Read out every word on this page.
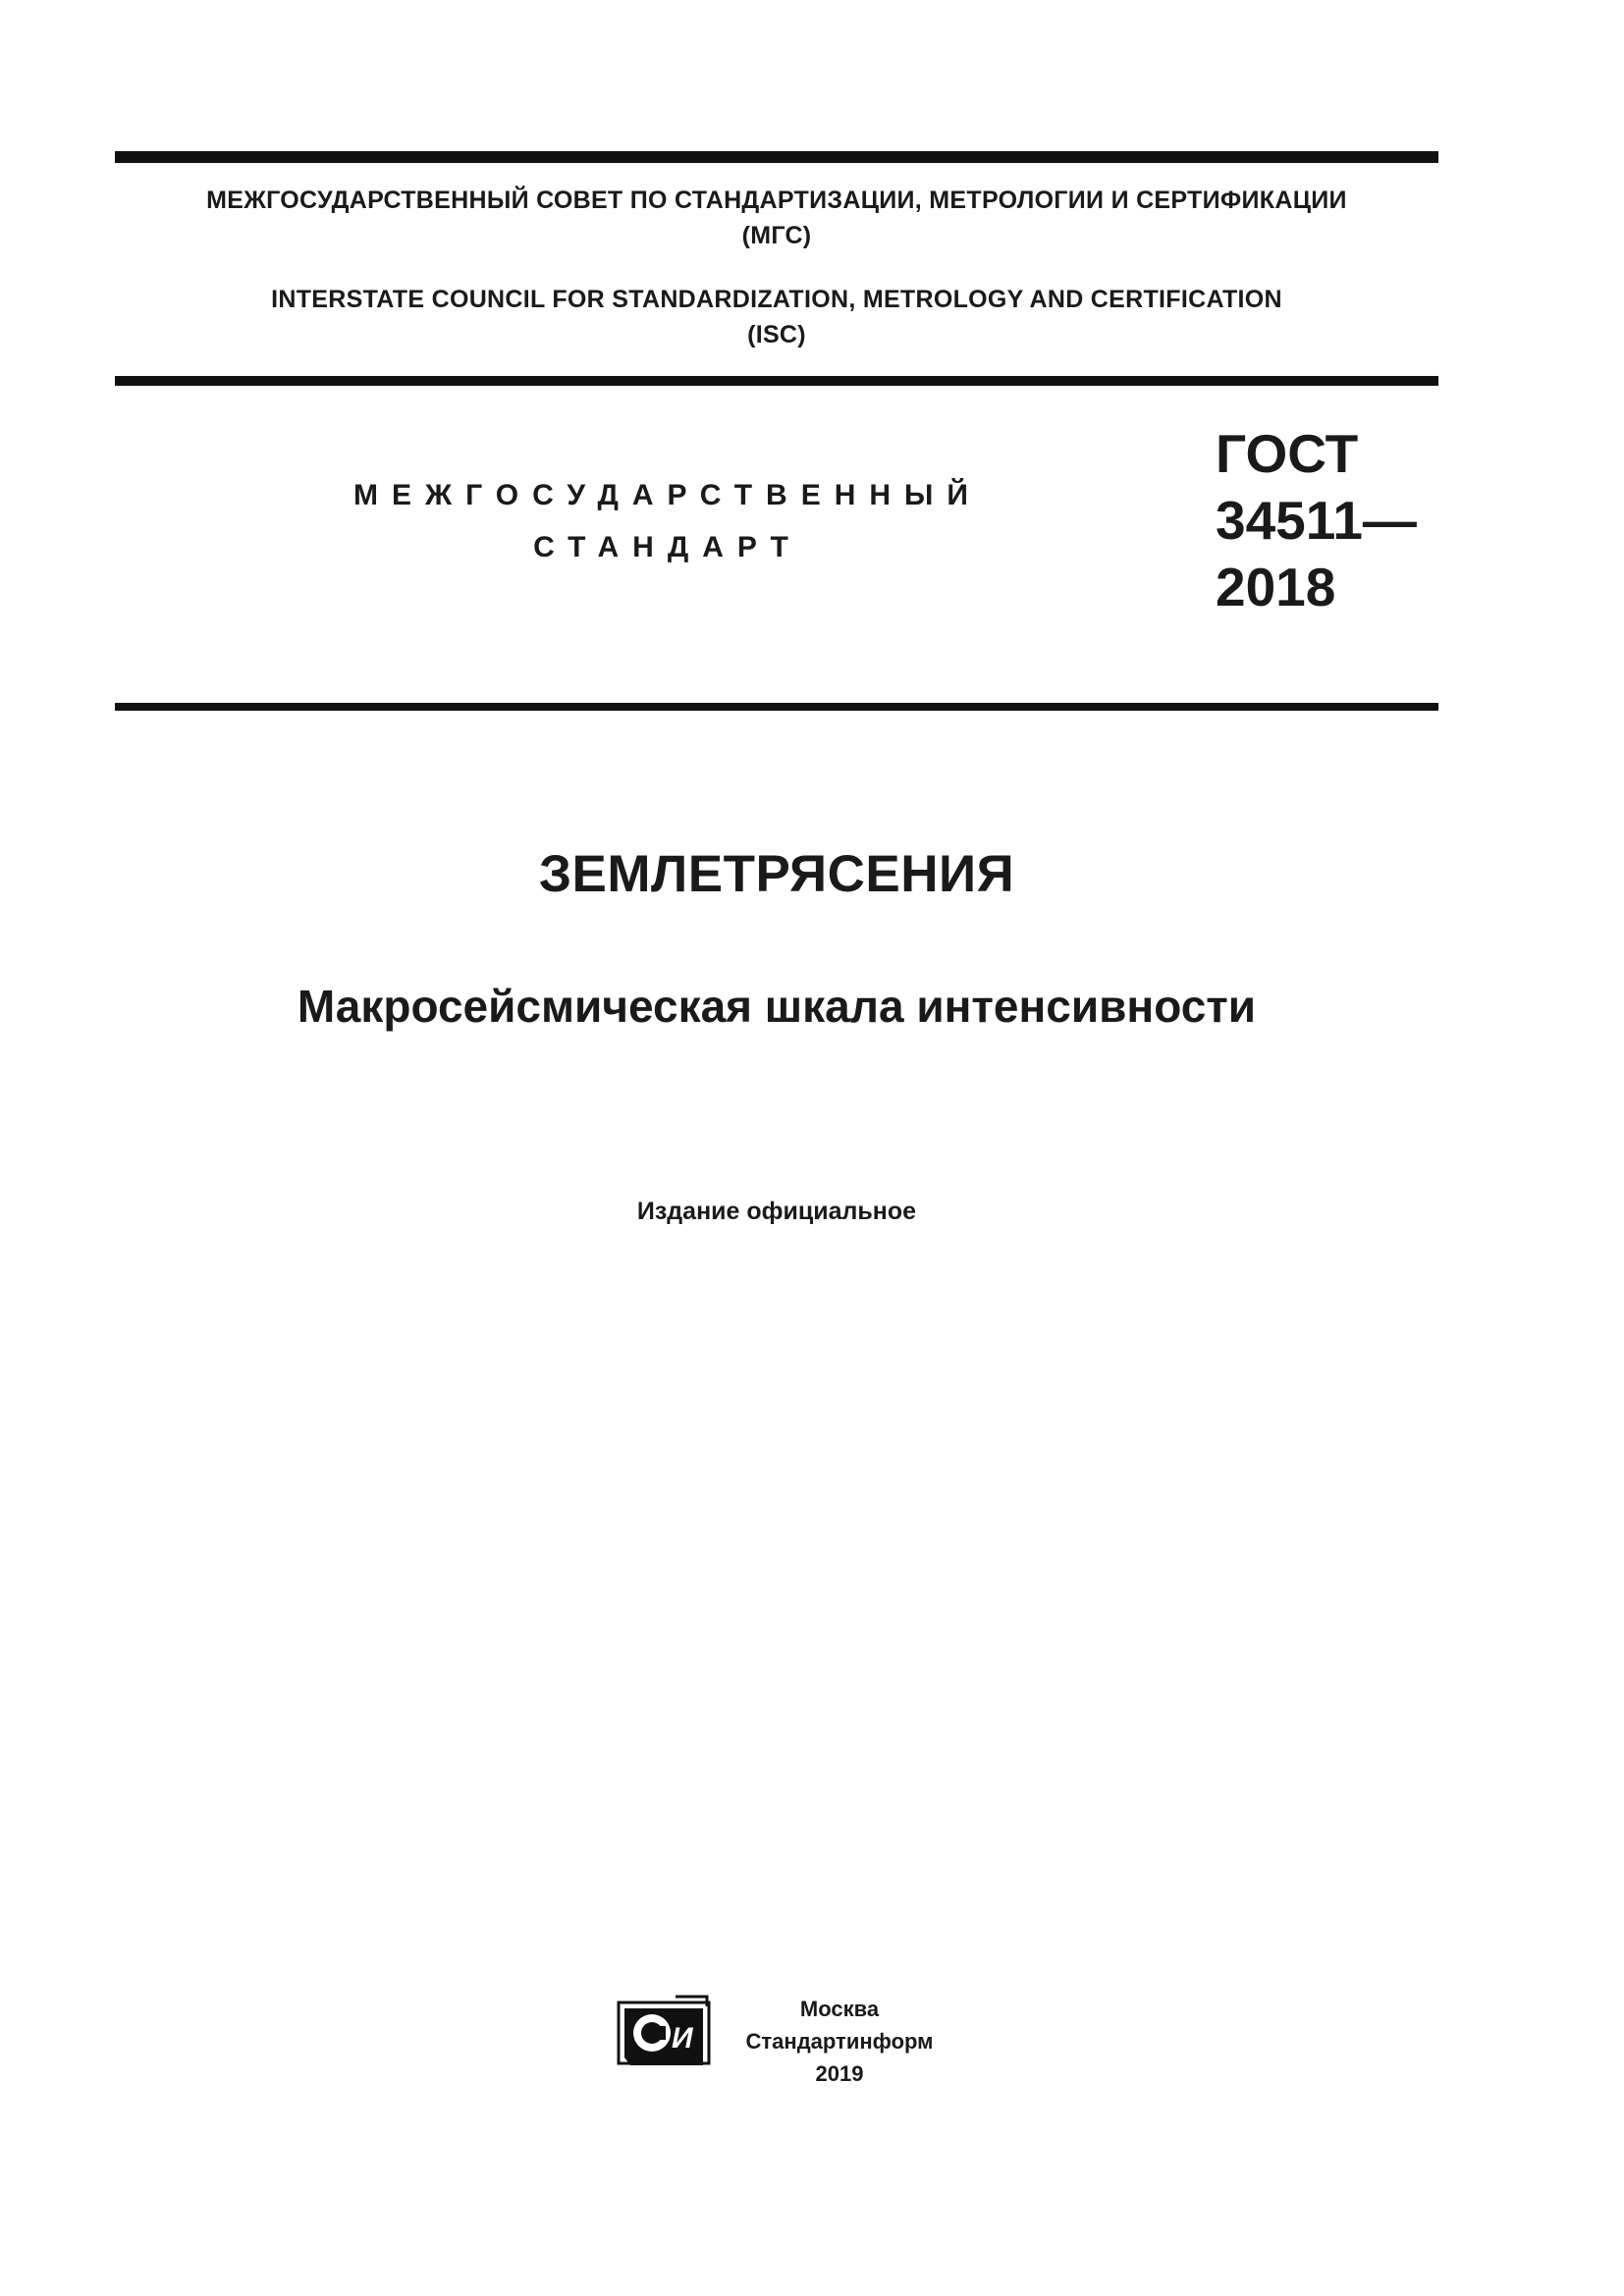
МЕЖГОСУДАРСТВЕННЫЙ СОВЕТ ПО СТАНДАРТИЗАЦИИ, МЕТРОЛОГИИ И СЕРТИФИКАЦИИ
(МГС)
INTERSTATE COUNCIL FOR STANDARDIZATION, METROLOGY AND CERTIFICATION
(ISC)
МЕЖГОСУДАРСТВЕННЫЙ
СТАНДАРТ
ГОСТ
34511—
2018
ЗЕМЛЕТРЯСЕНИЯ
Макросейсмическая шкала интенсивности
Издание официальное
И
Москва
Стандартинформ
2019
